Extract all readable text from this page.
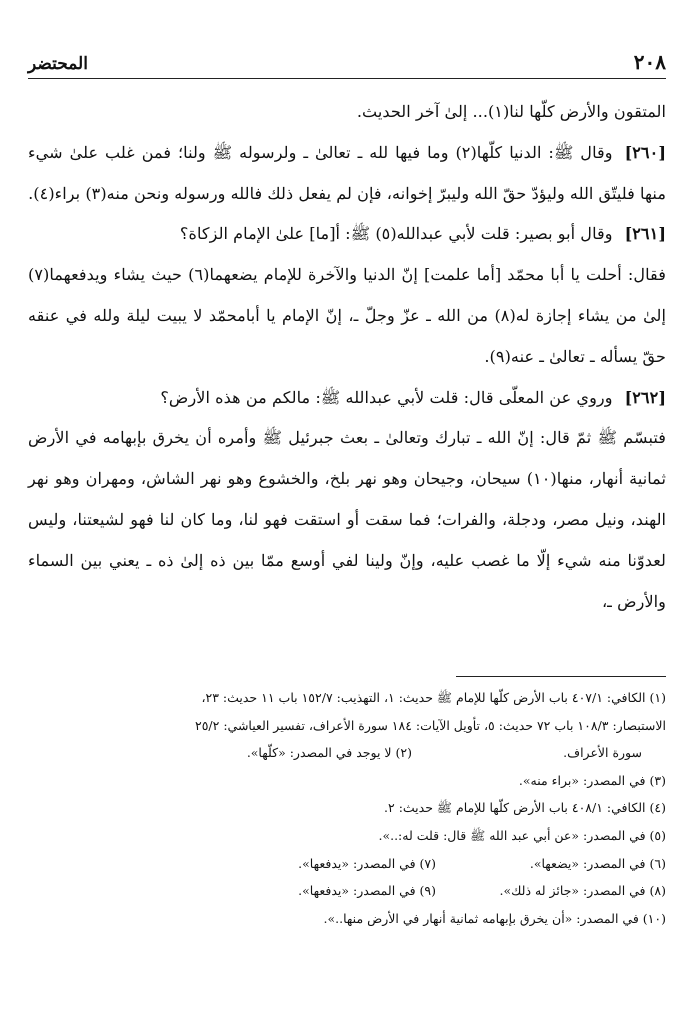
٢٠٨
المحتضر

المتقون والأرض كلّها لنا(١)... إلىٰ آخر الحديث.

[٢٦٠]وقال ﷺ: الدنيا كلّها(٢) وما فيها لله ـ تعالىٰ ـ ولرسوله ﷺ ولنا؛ فمن غلب علىٰ شيء منها فليتّق الله وليؤدّ حقّ الله وليبرّ إخوانه، فإن لم يفعل ذلك فالله ورسوله ونحن منه(٣) براء(٤).

[٢٦١]وقال أبو بصير: قلت لأبي عبدالله(٥) ﷺ: أ[ما] علىٰ الإمام الزكاة؟

فقال: أحلت يا أبا محمّد [أما علمت] إنّ الدنيا والآخرة للإمام يضعهما(٦) حيث يشاء ويدفعهما(٧) إلىٰ من يشاء إجازة له(٨) من الله ـ عزّ وجلّ ـ، إنّ الإمام يا أبامحمّد لا يبيت ليلة ولله في عنقه حقّ يسأله ـ تعالىٰ ـ عنه(٩).

[٢٦٢]وروي عن المعلّى قال: قلت لأبي عبدالله ﷺ: مالكم من هذه الأرض؟

فتبسّم ﷺ ثمّ قال: إنّ الله ـ تبارك وتعالىٰ ـ بعث جبرئيل ﷺ وأمره أن يخرق بإبهامه في الأرض ثمانية أنهار، منها(١٠) سيحان، وجيحان وهو نهر بلخ، والخشوع وهو نهر الشاش، ومهران وهو نهر الهند، ونيل مصر، ودجلة، والفرات؛ فما سقت أو استقت فهو لنا، وما كان لنا فهو لشيعتنا، وليس لعدوّنا منه شيء إلّا ما غصب عليه، وإنّ ولينا لفي أوسع ممّا بين ذه إلىٰ ذه ـ يعني بين السماء والأرض ـ،

(١) الكافي: ٤٠٧/١ باب الأرض كلّها للإمام ﷺ حديث: ١، التهذيب: ١٥٢/٧ باب ١١ حديث: ٢٣،
الاستبصار: ١٠٨/٣ باب ٧٢ حديث: ٥، تأويل الآيات: ١٨٤ سورة الأعراف، تفسير العياشي: ٢٥/٢
سورة الأعراف.
(٢) لا يوجد في المصدر: «كلّها».
(٣) في المصدر: «براء منه».
(٤) الكافي: ٤٠٨/١ باب الأرض كلّها للإمام ﷺ حديث: ٢.
(٥) في المصدر: «عن أبي عبد الله ﷺ قال: قلت له:..».
(٦) في المصدر: «يضعها».
(٧) في المصدر: «يدفعها».
(٨) في المصدر: «جائز له ذلك».
(٩) في المصدر: «يدفعها».
(١٠) في المصدر: «أن يخرق بإبهامه ثمانية أنهار في الأرض منها..».
